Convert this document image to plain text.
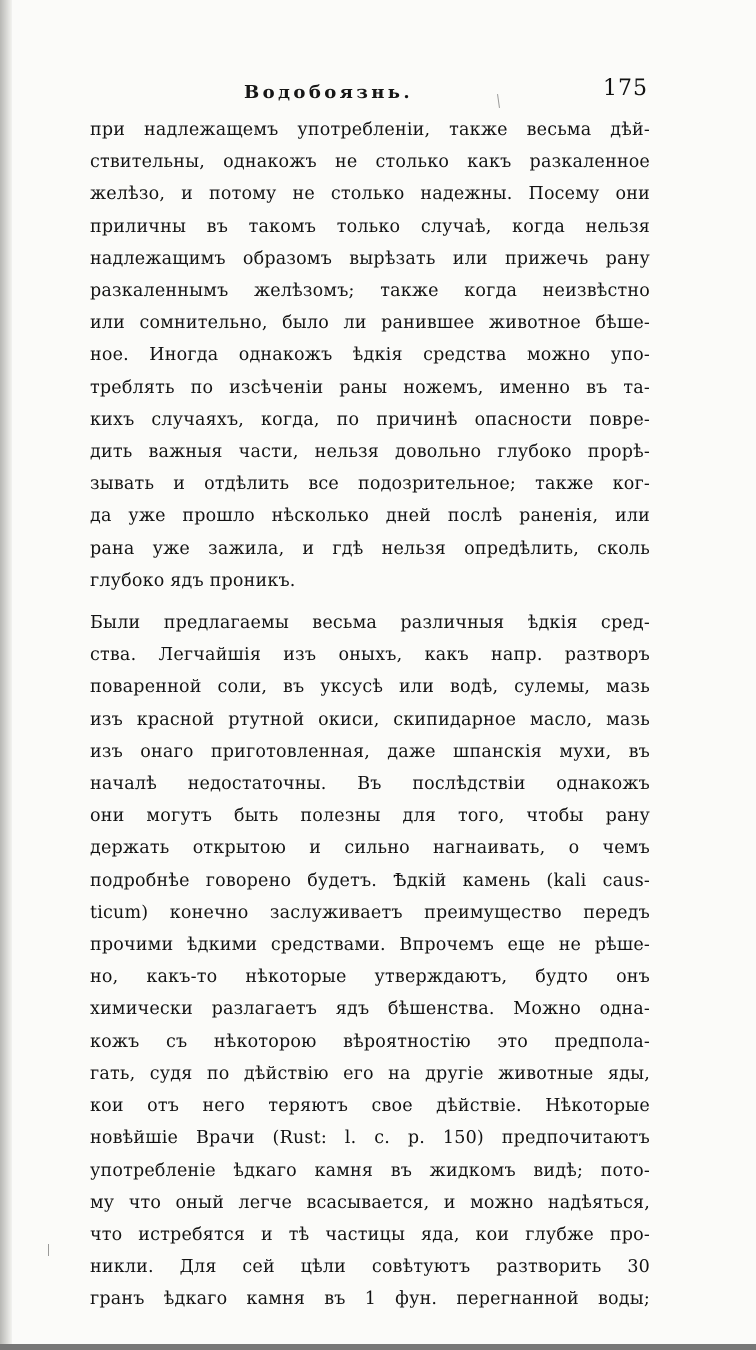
Водобоязнь.	175

при надлежащемъ употребленіи, также весьма дѣй-

ствительны, однакожъ не столько какъ разкаленное

желѣзо, и потому не столько надежны. Посему они

приличны въ такомъ только случаѣ, когда нельзя

надлежащимъ образомъ вырѣзать или прижечь рану

разкаленнымъ желѣзомъ; также когда неизвѣстно

или сомнительно, было ли ранившее животное бѣше-

ное. Иногда однакожъ ѣдкія средства можно упо-

треблять по изсѣченіи раны ножемъ, именно въ та-

кихъ случаяхъ, когда, по причинѣ опасности повре-

дить важныя части, нельзя довольно глубоко прорѣ-

зывать и отдѣлить все подозрительное; также ког-

да уже прошло нѣсколько дней послѣ раненія, или

рана уже зажила, и гдѣ нельзя опредѣлить, сколь

глубоко ядъ проникъ.

Были предлагаемы весьма различныя ѣдкія сред-

ства. Легчайшія изъ оныхъ, какъ напр. разтворъ

поваренной соли, въ уксусѣ или водѣ, сулемы, мазь

изъ красной ртутной окиси, скипидарное масло, мазь

изъ онаго приготовленная, даже шпанскія мухи, въ

началѣ недостаточны. Въ послѣдствіи однакожъ

они могутъ быть полезны для того, чтобы рану

держать открытою и сильно нагнаивать, о чемъ

подробнѣе говорено будетъ. Ѣдкій камень (kali caus-

ticum) конечно заслуживаетъ преимущество передъ

прочими ѣдкими средствами. Впрочемъ еще не рѣше-

но, какъ-то нѣкоторые утверждаютъ, будто онъ

химически разлагаетъ ядъ бѣшенства. Можно одна-

кожъ съ нѣкоторою вѣроятностію это предпола-

гать, судя по дѣйствію его на другіе животные яды,

кои отъ него теряютъ свое дѣйствіе. Нѣкоторые

новѣйшіе Врачи (Rust: l. c. p. 150) предпочитаютъ

употребленіе ѣдкаго камня въ жидкомъ видѣ; пото-

му что оный легче всасывается, и можно надѣяться,

что истребятся и тѣ частицы яда, кои глубже про-

никли. Для сей цѣли совѣтуютъ разтворить 30

гранъ ѣдкаго камня въ 1 фун. перегнанной воды;
